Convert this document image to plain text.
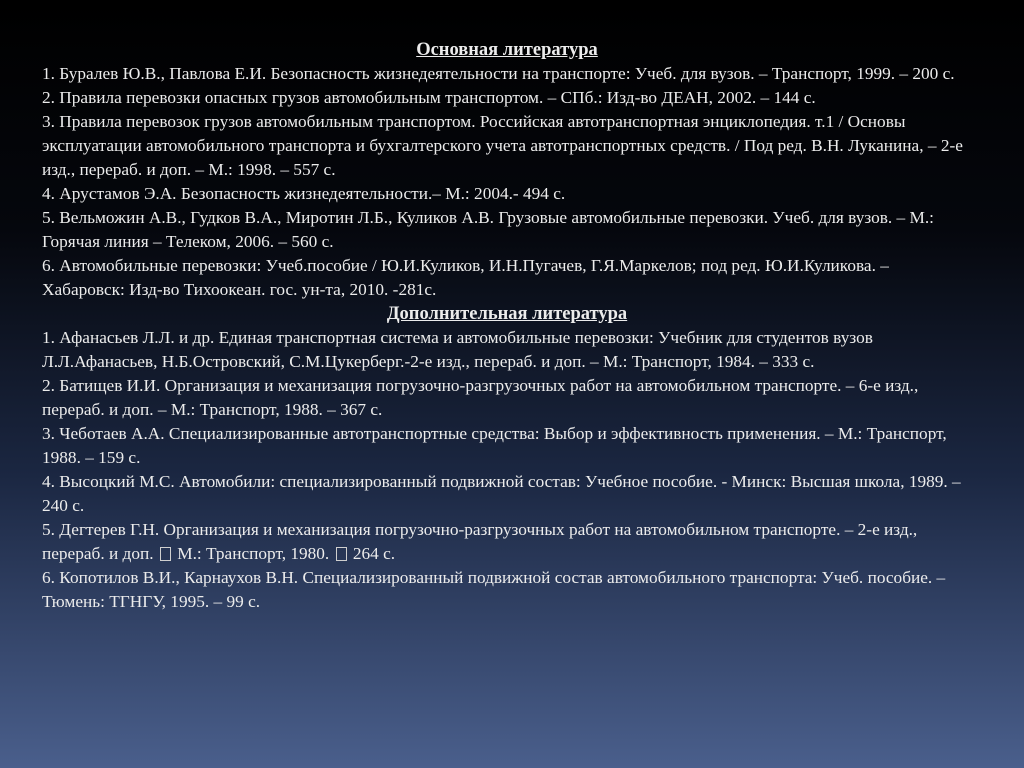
Основная литература

1. Буралев Ю.В., Павлова Е.И. Безопасность жизнедеятельности на транспорте: Учеб. для вузов. – Транспорт, 1999. – 200 с.

2. Правила перевозки опасных грузов автомобильным транспортом. – СПб.: Изд-во ДЕАН, 2002. – 144 с.

3. Правила перевозок грузов автомобильным транспортом. Российская автотранспортная энциклопедия. т.1 / Основы эксплуатации автомобильного транспорта и бухгалтерского учета автотранспортных средств. / Под ред. В.Н. Луканина, – 2-е изд., перераб. и доп. – М.: 1998. – 557 с.

4. Арустамов Э.А. Безопасность жизнедеятельности.– М.: 2004.- 494 с.

5. Вельможин А.В., Гудков В.А., Миротин Л.Б., Куликов А.В. Грузовые автомобильные перевозки. Учеб. для вузов. – М.: Горячая линия – Телеком, 2006. – 560 с.

6. Автомобильные перевозки: Учеб.пособие / Ю.И.Куликов, И.Н.Пугачев, Г.Я.Маркелов; под ред. Ю.И.Куликова. – Хабаровск: Изд-во Тихоокеан. гос. ун-та, 2010. -281с.

Дополнительная литература

1. Афанасьев Л.Л. и др. Единая транспортная система и автомобильные перевозки: Учебник для студентов вузов Л.Л.Афанасьев, Н.Б.Островский, С.М.Цукерберг.-2-е изд., перераб. и доп. – М.: Транспорт, 1984. – 333 с.

2. Батищев И.И. Организация и механизация погрузочно-разгрузочных работ на автомобильном транспорте. – 6-е изд., перераб. и доп. – М.: Транспорт, 1988. – 367 с.

3. Чеботаев А.А. Специализированные автотранспортные средства: Выбор и эффективность применения. – М.: Транспорт, 1988. – 159 с.

4. Высоцкий М.С. Автомобили: специализированный подвижной состав: Учебное пособие. - Минск: Высшая школа, 1989. – 240 с.

5. Дегтерев Г.Н. Организация и механизация погрузочно-разгрузочных работ на автомобильном транспорте. – 2-е изд., перераб. и доп. М.: Транспорт, 1980. 264 с.

6. Копотилов В.И., Карнаухов В.Н. Специализированный подвижной состав автомобильного транспорта: Учеб. пособие. – Тюмень: ТГНГУ, 1995. – 99 с.
